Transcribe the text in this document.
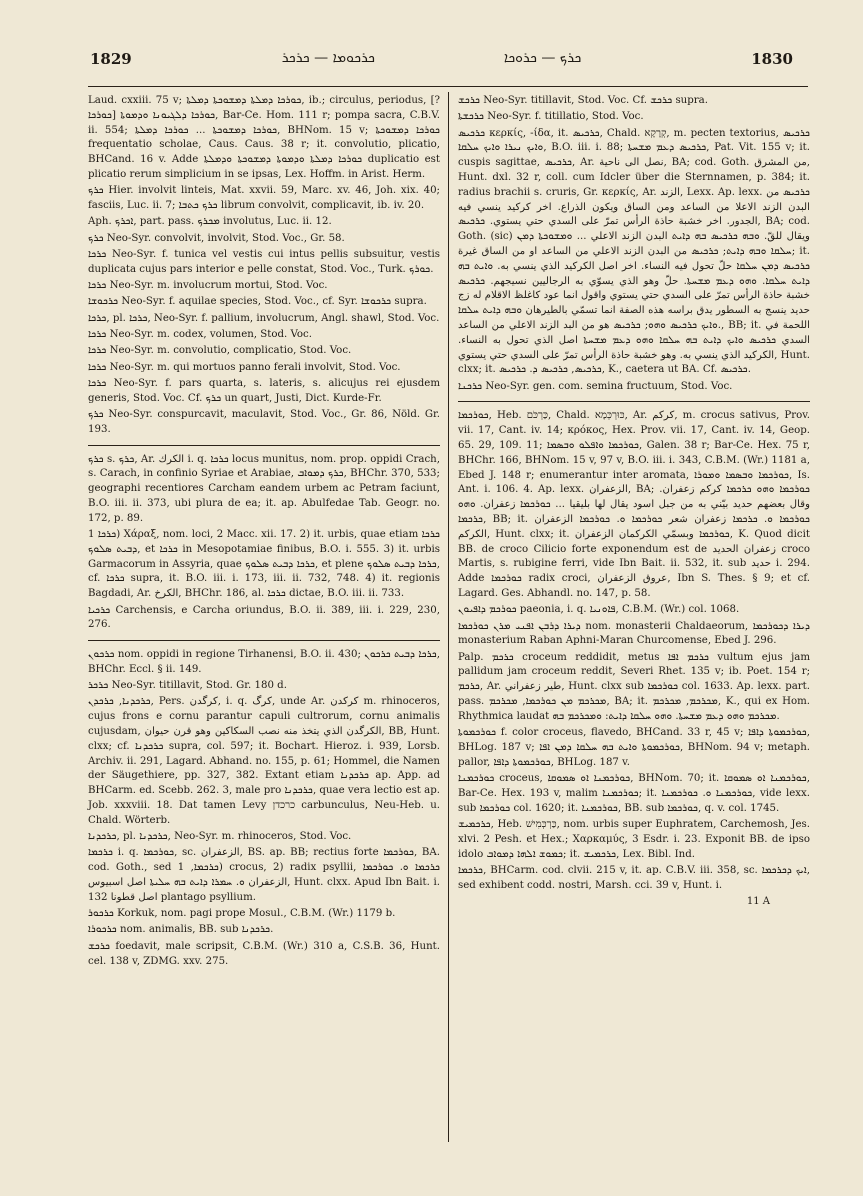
1829	ܟܪܟ — ܟܪܘܟܐ  ܟܪܟܘܡܐ — ܟܪܟܪ	1830

Laud. cxxiii. 75 v; ܟܘܪܟܐ ܕܡܠܬܐ ܕܡܫܘܟܬܐ ܕܡܠܬܐ, ib.; circulus, periodus, [? ܟܘܪܟܐ] ܟܘܪܟܐ ܕܠܓܝܘܢܐ ܘܕܡܘܬܐ, Bar-Ce. Hom. 111 r; pompa sacra, C.B.V. ii. 554; ܟܘܪܟܐ ܕܡܫܘܟܬܐ ... ܟܘܪܟܐ ܕܡܠܬܐ, BHNom. 15 v; ܟܘܪܟܐ ܕܡܫܘܟܬܐ frequentatio scholae, Caus. Caus. 38 r; it. convolutio, plicatio, BHCand. 16 v. Adde ܟܘܪܟܐ ܕܡܠܬܐ ܘܕܡܘܬܐ ܕܡܫܘܟܬܐ ܘܕܡܠܬܐ duplicatio est plicatio rerum simplicium in se ipsas, Lex. Hoffm. in Arist. Herm.

ܟܪܟ Hier. involvit linteis, Mat. xxvii. 59, Marc. xv. 46, Joh. xix. 40; fasciis, Luc. ii. 7; ܟܪܟ ܟܬܒܐ librum convolvit, complicavit, ib. iv. 20.

Aph. ܐܟܪܟ, part. pass. ܡܟܪܟ involutus, Luc. ii. 12.

ܟܪܟ Neo-Syr. convolvit, involvit, Stod. Voc., Gr. 58.

ܟܪܟܐ Neo-Syr. f. tunica vel vestis cui intus pellis subsuitur, vestis duplicata cujus pars interior e pelle constat, Stod. Voc., Turk. ܟܘܪܟ.

ܟܪܟܐ Neo-Syr. m. involucrum mortui, Stod. Voc.

ܟܪܟܘܫܐ Neo-Syr. f. aquilae species, Stod. Voc., cf. Syr. ܟܪܟܘܫܐ supra.

ܟܪܟܐ, pl. ܟܪܟܐ, Neo-Syr. f. pallium, involucrum, Angl. shawl, Stod. Voc.

ܟܪܟܐ Neo-Syr. m. codex, volumen, Stod. Voc.

ܟܪܟܐ Neo-Syr. m. convolutio, complicatio, Stod. Voc.

ܟܪܟܐ Neo-Syr. m. qui mortuos panno ferali involvit, Stod. Voc.

ܟܪܟܐ Neo-Syr. f. pars quarta, s. lateris, s. alicujus rei ejusdem generis, Stod. Voc. Cf. ܟܪܟ un quart, Justi, Dict. Kurde-Fr.

ܟܪܟ Neo-Syr. conspurcavit, maculavit, Stod. Voc., Gr. 86, Nöld. Gr. 193.

ܟܪܟ s. ܟܪܟ, Ar. الكرك i. q. ܟܪܟܐ locus munitus, nom. prop. oppidi Crach, s. Carach, in confinio Syriae et Arabiae, ܟܪܟ ܕܡܘܐܒ, BHChr. 370, 533; geographi recentiores Carcham eandem urbem ac Petram faciunt, B.O. iii. ii. 373, ubi plura de ea; it. ap. Abulfedae Tab. Geogr. no. 172, p. 89.

ܟܪܟܐ 1) Χάραξ, nom. loci, 2 Macc. xii. 17. 2) it. urbis, quae etiam ܟܪܟܐ ܕܒܝܬ ܣܠܘܟ, et ܟܪܟܐ in Mesopotamiae finibus, B.O. i. 555. 3) it. urbis Garmacorum in Assyria, quae ܟܪܟܐ ܕܒܝܬ ܣܠܘܟ, et plene ܟܪܟܐ ܕܒܝܬ ܣܠܘܟ, cf. ܟܪܟܐ supra, it. B.O. iii. i. 173, iii. ii. 732, 748. 4) it. regionis Bagdadi, Ar. الكرخ, BHChr. 186, al. ܟܪܟܐ dictae, B.O. iii. ii. 733.

ܟܪܟܝܐ Carchensis, e Carcha oriundus, B.O. ii. 389, iii. i. 229, 230, 276.

ܟܪܟܘܢ nom. oppidi in regione Tirhanensi, B.O. ii. 430; ܟܪܟܐ ܕܒܝܬ ܟܪܟܘܢ, BHChr. Eccl. § ii. 149.

ܟܪܟܪ Neo-Syr. titillavit, Stod. Gr. 180 d.

ܟܪܟܕܢܐ, ܟܪܟܕܢ, Pers. كرگدن, i. q. كرگ, unde Ar. كركدن m. rhinoceros, cujus frons e cornu parantur capuli cultrorum, cornu animalis cujusdam, الكرگدن الذي يتخذ منه نصب السكاكين وهو قرن حيوان, BB, Hunt. clxx; cf. ܟܪܟܕܢܐ supra, col. 597; it. Bochart. Hieroz. i. 939, Lorsb. Archiv. ii. 291, Lagard. Abhand. no. 155, p. 61; Hommel, die Namen der Säugethiere, pp. 327, 382. Extant etiam ܟܪܟܕܢܐ ap. App. ad BHCarm. ed. Scebb. 262. 3, male pro ܟܪܟܕܢܐ, quae vera lectio est ap. Job. xxxviii. 18. Dat tamen Levy כרכדן carbunculus, Neu-Heb. u. Chald. Wörterb.

ܟܪܟܕܢܐ, pl. ܟܪܟܕܢܐ, Neo-Syr. m. rhinoceros, Stod. Voc.

ܟܪܟܡܐ i. q. ܟܘܪܟܡܐ, sc. الزعفران, BS. ap. BB; rectius forte ܟܘܪܟܡܐ, BA. cod. Goth., sed ܟܪܟܡܐ, 1) crocus, 2) radix psyllii, ܟܪܟܡܐ ܘ. ܟܘܪܟܡܐ الزعفران ܘ. ܚܡܪܐ ܕܐܝܬ ܒܗ ܚܠܝܬܐ اصل اسبيوس, Hunt. clxx. Apud Ibn Bait. i. 132 اصل قطونا plantago psyllium.

ܟܪܟܘܪ Korkuk, nom. pagi prope Mosul., C.B.M. (Wr.) 1179 b.

ܟܪܟܘܪܐ nom. animalis, BB. sub ܟܪܟܕܢܐ.

ܟܪܟܫ foedavit, male scripsit, C.B.M. (Wr.) 310 a, C.S.B. 36, Hunt. cel. 138 v, ZDMG. xxv. 275.

ܟܪܟܫ Neo-Syr. titillavit, Stod. Voc. Cf. ܟܪܟܫ supra.

ܟܪܟܫܬܐ Neo-Syr. f. titillatio, Stod. Voc.

ܟܪܟܝܣ κερκίς, -ίδα, it. ܟܪܟܝܣ, Chald. קְרָקָא, m. pecten textorius, ܟܪܟܝܣ ܘܐܝܟ ܢܝܪܐ ܘܐܝܟ ܚܠܩܐ, B.O. iii. i. 88; ܟܪܟܝܣ ܕܥܡ ܡܫܚܬܐ, Pat. Vit. 155 v; it. cuspis sagittae, ܟܪܟܝܣ, Ar. نصل الى ناحية, BA; cod. Goth. من المشرق, Hunt. dxl. 32 r, coll. cum Idcler über die Sternnamen, p. 384; it. radius brachii s. cruris, Gr. κερκίς, Ar. الزند, Lexx. Ap. lexx. ܟܪܟܝܣ من البدن الزند الاعلا من الساعد ومن الساق ويكون الذراع. اخر كركيد ينسي فيه الجدور. اخر خشبة حاذة الرأس تمرّ على السدي حتي يستوي. ܟܪܟܝܣ, BA; cod. Goth. (sic) ويقال للقّ. ܘܒܗ ܟܪܟܝܣ ܒܗ ܕܐܝܬ البدن الزند الاعلي ... ܘܡܫܘܟܬܐ ܕܡܢ ܚܠܩܐ ܘܒܗ ܕܐܝܬ; ܟܪܟܝܣ من البدن الزند الاعلي من الساعد او من الساق غيرة; it. ܟܪܟܝܣ ܕܡܢ ܚܠܩܐ حلّ تحول فيه النساء. اخر اصل الكركيد الذي ينسي به. ܘܐܝܬ ܒܗ ܕܐܝܬ ܚܠܩܐ. ܘܗܘ ܕܥܡ ܡܫܚܬܐ. حلّ وهو الذي يسوّي به الرجاليين نسيجهم. ܟܪܟܝܣ خشبة حاذة الرأس تمرّ على السدي حتي يستوي واقول انما عود كاغلظ الاقلام له زج حديد ينسج به السطور يدق براسه هذه الصفة انما تسمّي بالطيرهان ܘܒܗ ܕܐܝܬ ܚܠܩܐ ܘܐܝܟ ܟܪܟܝܣ ܘܗܘ; ܟܪܟܝܣ هو من البد الزند الاعلي من الساعد., BB; it. اللحمة في السدي ܟܪܟܝܣ ܘܐܝܟ ܕܐܝܬ ܒܗ ܚܠܩܐ ܘܗܘ ܕܥܡ ܡܫܚܬܐ اصل الذي تحول به النساء. الكركيد الذي ينسي به. وهو خشبة حاذة الرأس تمرّ على السدي حتي يستوي, Hunt. clxx; it. ܟܪܟܝܣ, ܟܪܟܝܣ ܕ. ܟܪܟܝܣ, K., caetera ut BA. Cf. ܟܪܟܝܣ.

ܟܪܟܢܐ Neo-Syr. gen. com. semina fructuum, Stod. Voc.

ܟܘܪܟܡܐ, Heb. כַּרְכֹּם, Chald. כּוּרְכְּמָא, Ar. كركم, m. crocus sativus, Prov. vii. 17, Cant. iv. 14; κρόκος, Hex. Prov. vii. 17, Cant. iv. 14, Geop. 65. 29, 109. 11; ܟܘܪܟܡܐ ܘܐܦܠܘ ܘܒܣܡܐ, Galen. 38 r; Bar-Ce. Hex. 75 r, BHChr. 166, BHNom. 15 v, 97 v, B.O. iii. i. 343, C.B.M. (Wr.) 1181 a, Ebed J. 148 r; enumerantur inter aromata, ܟܘܪܟܡܐ ܘܒܣܡܐ ܘܡܘܪܐ, Is. Ant. i. 106. 4. Ap. lexx. الزعفران, BA; ܟܘܪܟܡܐ ܘܗܘ ܟܪܟܡܐ كركم زعفران. وقال بعضهم حديد بيّني به من جبل اسود يقال لها بليقيا ... ܟܘܪܟܡܐ زعفران. ܘܗܘ ܟܪܟܡܐ, BB; it. ܟܘܪܟܡܐ ܘ. ܟܪܟܡܐ زعفران شعر ܟܘܪܟܡܐ ܘ. ܟܘܪܟܡܐ الزعفران الكركم, Hunt. clxx; it. ܟܘܪܟܡܐ وبسمّي الكركمان الزعفران, K. Quod dicit BB. de croco Cilicio forte exponendum est de زعفران الحديد croco Martis, s. rubigine ferri, vide Ibn Bait. ii. 532, it. sub حديد i. 294. Adde ܟܘܪܟܡܐ radix croci, عروق الزعفران, Ibn S. Thes. § 9; et cf. Lagard. Ges. Abhandl. no. 147, p. 58.

ܟܘܪܟܡ ܕܐܦܝܘܢ paeonia, i. q. ܦܐܘܢܝܐ, C.B.M. (Wr.) col. 1068.

ܕܝܪܐ ܕܪܒܢ ܐܦܢܝ ܡܪܢ ܟܘܪܟܡܐ nom. monasterii Chaldaeorum, ܕܝܪܐ ܕܟܘܪܟܡܐ monasterium Raban Aphni-Maran Churcomense, Ebed J. 296.

Palp. ܟܪܟܡ croceum reddidit, metus ܟܪܟܡ ܐܦܐ vultum ejus jam pallidum jam croceum reddit, Severi Rhet. 135 v; ib. Poet. 154 r; ܟܪܟܡ, Ar. طير زعفراني, Hunt. clxx sub ܟܘܪܟܡܐ col. 1633. Ap. lexx. part. pass. ܡܟܪܟܡ ܡܢ ܟܘܪܟܡܐ, ܡܟܪܟܡ, BA; it. ܡܟܪܟܡ, ܡܟܪܟܡ, K., qui ex Hom. Rhythmica laudat ܡܟܪܟܡ ܘܗܘ ܕܥܡ ܡܫܚܬܐ. ܘܗܘ ܚܠܩܐ ܕܐܝܬ: ܘܡܟܪܟܡ ܒܗ.

ܟܘܪܟܡܘܬܐ f. color croceus, flavedo, BHCand. 33 r, 45 v; ܟܘܪܟܡܘܬܐ ܕܐܦܐ, BHLog. 187 v; ܟܘܪܟܡܘܬܐ ܘܐܝܬ ܒܗ ܚܠܩܐ ܕܡܢ ܐܦܐ, BHNom. 94 v; metaph. pallor, ܟܘܪܟܡܘܬܐ ܕܐܦܐ, BHLog. 187 v.

ܟܘܪܟܡܢܐ croceus, ܟܘܪܟܡܢܐ ܐܘ ܣܡܘܩܐ, BHNom. 70; it. ܟܘܪܟܡܢܐ ܐܘ ܣܡܘܩܐ, Bar-Ce. Hex. 193 v, malim ܟܘܪܟܡܢܐ; it. ܟܘܪܟܡܢܐ ܘ. ܟܘܪܟܡܢܐ, vide lexx. sub ܟܘܪܟܡܐ col. 1620; it. ܟܘܪܟܡܢܐ, BB. sub ܟܘܪܟܡܐ, q. v. col. 1745.

ܟܪܟܡܝܫ, Heb. כַּרְכְּמִישׁ, nom. urbis super Euphratem, Carchemosh, Jes. xlvi. 2 Pesh. et Hex.; Χαρκαμύς, 3 Esdr. i. 23. Exponit BB. de ipso idolo ܟܡܘܫ ܐܠܗܐ ܕܡܘܐܒ; it. ܟܪܟܡܝܫ, Lex. Bibl. Ind.

ܟܪܟܡܐ, BHCarm. cod. clvii. 215 v, it. ap. C.B.V. iii. 358, sc. ܐܝܟ ܕܟܪܟܡܐ, sed exhibent codd. nostri, Marsh. cci. 39 v, Hunt. i.

11 A
